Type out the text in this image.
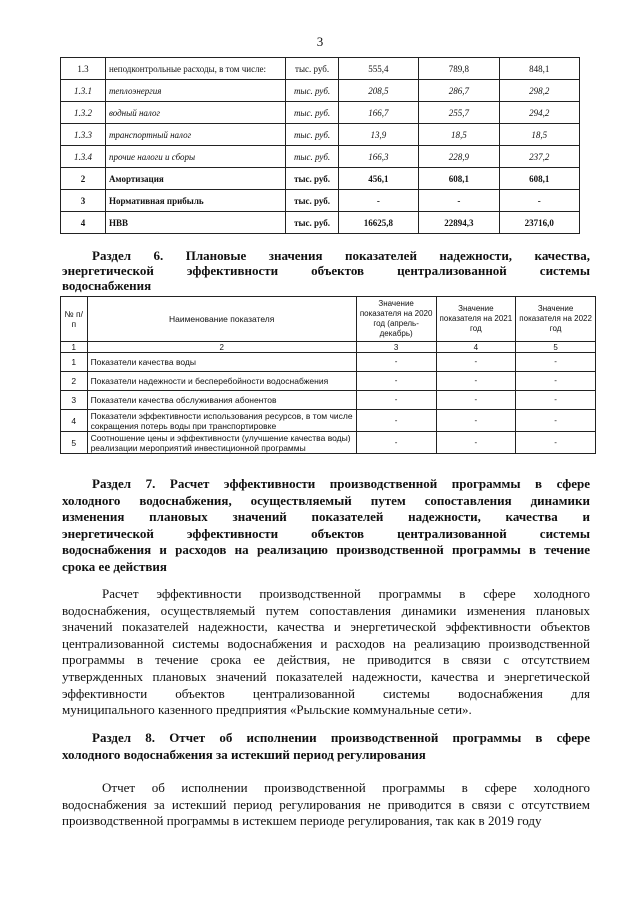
3
1.3	неподконтрольные расходы, в том числе:	тыс. руб.	555,4	789,8	848,1
1.3.1	теплоэнергия	тыс. руб.	208,5	286,7	298,2
1.3.2	водный налог	тыс. руб.	166,7	255,7	294,2
1.3.3	транспортный налог	тыс. руб.	13,9	18,5	18,5
1.3.4	прочие налоги и сборы	тыс. руб.	166,3	228,9	237,2
2	Амортизация	тыс. руб.	456,1	608,1	608,1
3	Нормативная прибыль	тыс. руб.	-	-	-
4	НВВ	тыс. руб.	16625,8	22894,3	23716,0
Раздел 6. Плановые значения показателей надежности, качества,
энергетической эффективности объектов централизованной системы
водоснабжения
№ п/п	Наименование показателя	Значение показателя на 2020 год (апрель-декабрь)	Значение показателя на 2021 год	Значение показателя на 2022 год
1	2	3	4	5
1	Показатели качества воды	-	-	-
2	Показатели надежности и бесперебойности водоснабжения	-	-	-
3	Показатели качества обслуживания абонентов	-	-	-
4	Показатели эффективности использования ресурсов, в том числе сокращения потерь воды при транспортировке	-	-	-
5	Соотношение цены и эффективности (улучшение качества воды) реализации мероприятий инвестиционной программы	-	-	-
Раздел 7. Расчет эффективности производственной программы в сфере
холодного водоснабжения, осуществляемый путем сопоставления динамики
изменения плановых значений показателей надежности, качества и
энергетической эффективности объектов централизованной системы
водоснабжения и расходов на реализацию производственной программы в течение
срока ее действия
Расчет эффективности производственной программы в сфере холодного
водоснабжения, осуществляемый путем сопоставления динамики изменения плановых
значений показателей надежности, качества и энергетической эффективности объектов
централизованной системы водоснабжения и расходов на реализацию производственной
программы в течение срока ее действия, не приводится в связи с отсутствием
утвержденных плановых значений показателей надежности, качества и энергетической
эффективности объектов централизованной системы водоснабжения для
муниципального казенного предприятия «Рыльские коммунальные сети».
Раздел 8. Отчет об исполнении производственной программы в сфере
холодного водоснабжения за истекший период регулирования
Отчет об исполнении производственной программы в сфере холодного
водоснабжения за истекший период регулирования не приводится в связи с отсутствием
производственной программы в истекшем периоде регулирования, так как в 2019 году
